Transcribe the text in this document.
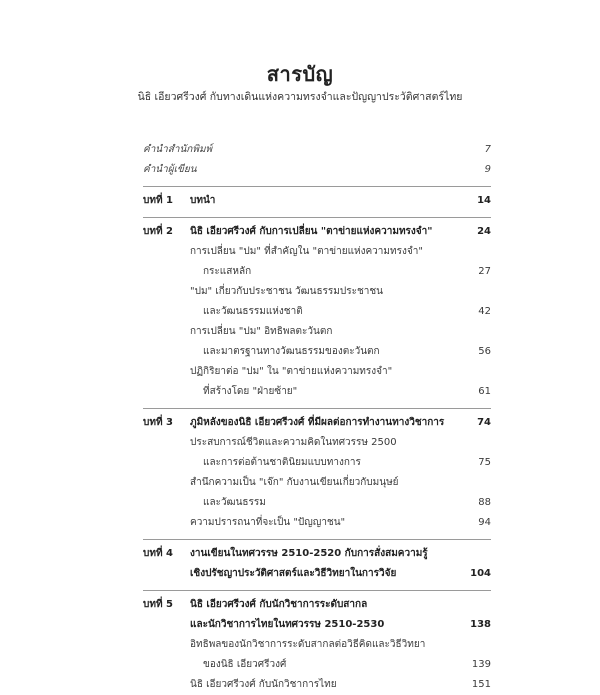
สารบัญ
นิธิ เอียวศรีวงศ์ กับทางเดินแห่งความทรงจำและปัญญาประวัติศาสตร์ไทย
คำนำสำนักพิมพ์	7
คำนำผู้เขียน	9
บทที่ 1 บทนำ	14
บทที่ 2 นิธิ เอียวศรีวงศ์ กับการเปลี่ยน "ตาข่ายแห่งความทรงจำ"	24
การเปลี่ยน "ปม" ที่สำคัญใน "ตาข่ายแห่งความทรงจำ"
กระแสหลัก	27
"ปม" เกี่ยวกับประชาชน วัฒนธรรมประชาชน
และวัฒนธรรมแห่งชาติ	42
การเปลี่ยน "ปม" อิทธิพลตะวันตก
และมาตรฐานทางวัฒนธรรมของตะวันตก	56
ปฏิกิริยาต่อ "ปม" ใน "ตาข่ายแห่งความทรงจำ"
ที่สร้างโดย "ฝ่ายซ้าย"	61
บทที่ 3 ภูมิหลังของนิธิ เอียวศรีวงศ์ ที่มีผลต่อการทำงานทางวิชาการ	74
ประสบการณ์ชีวิตและความคิดในทศวรรษ 2500
และการต่อต้านชาตินิยมแบบทางการ	75
สำนึกความเป็น "เจ๊ก" กับงานเขียนเกี่ยวกับมนุษย์
และวัฒนธรรม	88
ความปรารถนาที่จะเป็น "ปัญญาชน"	94
บทที่ 4 งานเขียนในทศวรรษ 2510-2520 กับการสั่งสมความรู้
เชิงปรัชญาประวัติศาสตร์และวิธีวิทยาในการวิจัย	104
บทที่ 5 นิธิ เอียวศรีวงศ์ กับนักวิชาการระดับสากล
และนักวิชาการไทยในทศวรรษ 2510-2530	138
อิทธิพลของนักวิชาการระดับสากลต่อวิธีคิดและวิธีวิทยา
ของนิธิ เอียวศรีวงศ์	139
นิธิ เอียวศรีวงศ์ กับนักวิชาการไทย	151
